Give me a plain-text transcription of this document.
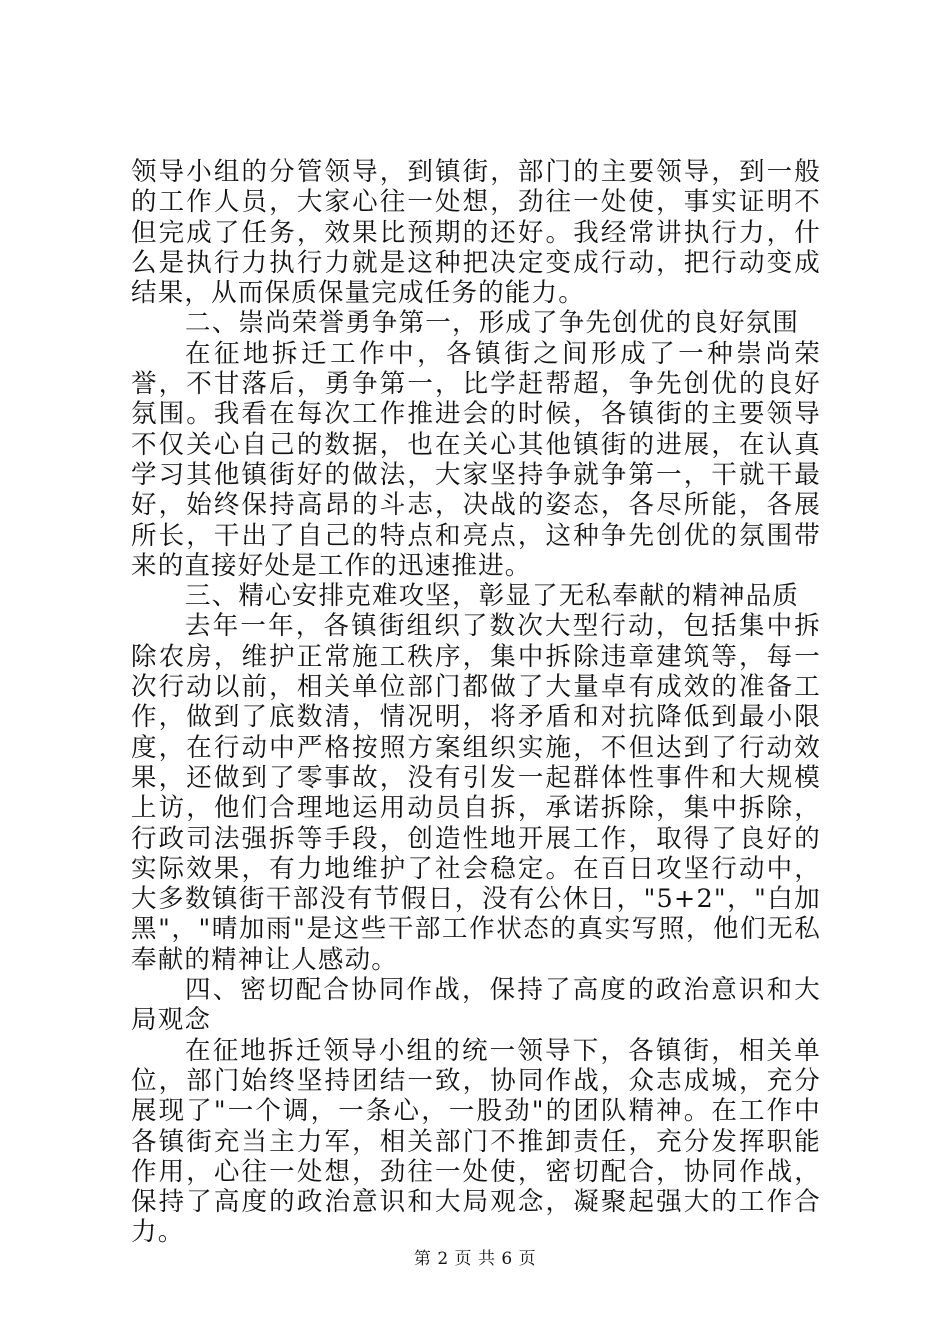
领导小组的分管领导，到镇街，部门的主要领导，到一般的工作人员，大家心往一处想，劲往一处使，事实证明不但完成了任务，效果比预期的还好。我经常讲执行力，什么是执行力执行力就是这种把决定变成行动，把行动变成结果，从而保质保量完成任务的能力。

二、崇尚荣誉勇争第一，形成了争先创优的良好氛围

在征地拆迁工作中，各镇街之间形成了一种崇尚荣誉，不甘落后，勇争第一，比学赶帮超，争先创优的良好氛围。我看在每次工作推进会的时候，各镇街的主要领导不仅关心自己的数据，也在关心其他镇街的进展，在认真学习其他镇街好的做法，大家坚持争就争第一，干就干最好，始终保持高昂的斗志，决战的姿态，各尽所能，各展所长，干出了自己的特点和亮点，这种争先创优的氛围带来的直接好处是工作的迅速推进。

三、精心安排克难攻坚，彰显了无私奉献的精神品质

去年一年，各镇街组织了数次大型行动，包括集中拆除农房，维护正常施工秩序，集中拆除违章建筑等，每一次行动以前，相关单位部门都做了大量卓有成效的准备工作，做到了底数清，情况明，将矛盾和对抗降低到最小限度，在行动中严格按照方案组织实施，不但达到了行动效果，还做到了零事故，没有引发一起群体性事件和大规模上访，他们合理地运用动员自拆，承诺拆除，集中拆除，行政司法强拆等手段，创造性地开展工作，取得了良好的实际效果，有力地维护了社会稳定。在百日攻坚行动中，大多数镇街干部没有节假日，没有公休日，"5+2"，"白加黑"，"晴加雨"是这些干部工作状态的真实写照，他们无私奉献的精神让人感动。

四、密切配合协同作战，保持了高度的政治意识和大局观念

在征地拆迁领导小组的统一领导下，各镇街，相关单位，部门始终坚持团结一致，协同作战，众志成城，充分展现了"一个调，一条心，一股劲"的团队精神。在工作中各镇街充当主力军，相关部门不推卸责任，充分发挥职能作用，心往一处想，劲往一处使，密切配合，协同作战，保持了高度的政治意识和大局观念，凝聚起强大的工作合力。

第 2 页 共 6 页
